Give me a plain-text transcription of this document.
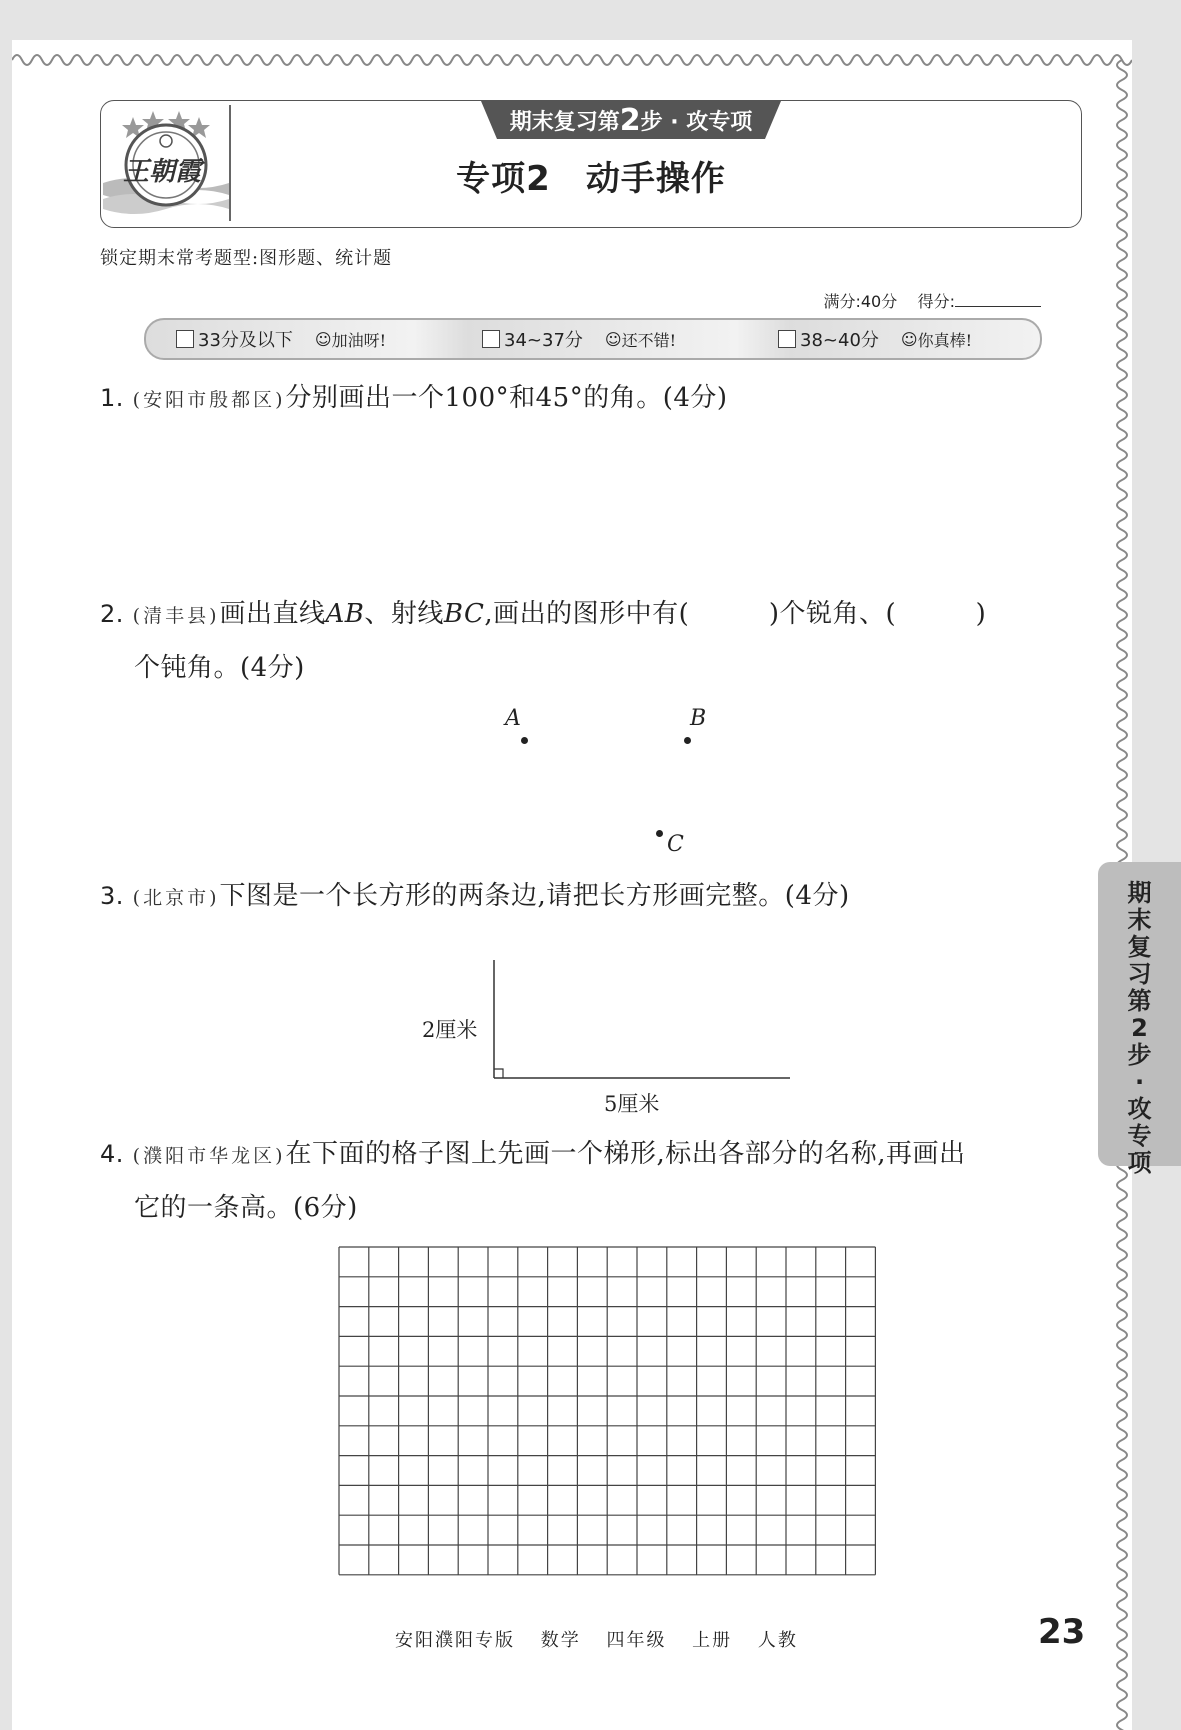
王朝霞
期末复习第 2 步 · 攻专项
专项2　动手操作
锁定期末常考题型:图形题、统计题
满分:40分 得分:
33分及以下 ☺ 加油呀!	34~37分 ☺ 还不错!	38~40分 ☺ 你真棒!
1. (安阳市殷都区)分别画出一个100°和45°的角。(4分)
2. (清丰县)画出直线AB、射线BC,画出的图形中有(　　　)个锐角、(　　　)
个钝角。(4分)
A	B
C
3. (北京市)下图是一个长方形的两条边,请把长方形画完整。(4分)
2厘米
5厘米
4. (濮阳市华龙区)在下面的格子图上先画一个梯形,标出各部分的名称,再画出
它的一条高。(6分)
期
末
复
习
第
2
步
·
攻
专
项
安阳濮阳专版 数学 四年级 上册 人教	23
